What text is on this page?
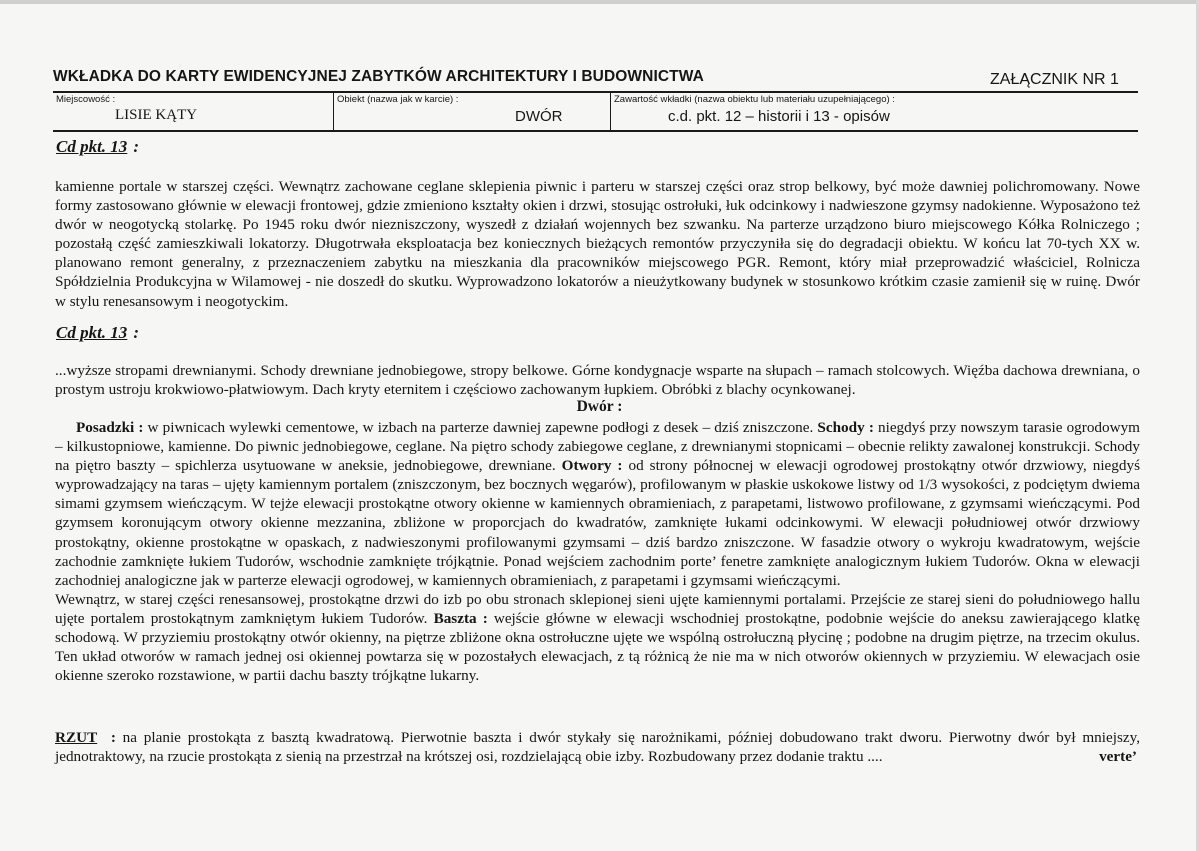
WKŁADKA DO KARTY EWIDENCYJNEJ ZABYTKÓW ARCHITEKTURY I BUDOWNICTWA	ZAŁĄCZNIK NR 1
Miejscowość :
LISIE KĄTY
Obiekt (nazwa jak w karcie) :
DWÓR
Zawartość wkładki (nazwa obiektu lub materiału uzupełniającego) :
c.d. pkt. 12 – historii i 13 - opisów
Cd pkt. 13 :

kamienne portale w starszej części. Wewnątrz zachowane ceglane sklepienia piwnic i parteru w starszej części oraz strop belkowy, być może dawniej polichromowany. Nowe formy zastosowano głównie w elewacji frontowej, gdzie zmieniono kształty okien i drzwi, stosując ostrołuki, łuk odcinkowy i nadwieszone gzymsy nadokienne. Wyposażono też dwór w neogotycką stolarkę. Po 1945 roku dwór niezniszczony, wyszedł z działań wojennych bez szwanku. Na parterze urządzono biuro miejscowego Kółka Rolniczego ; pozostałą część zamieszkiwali lokatorzy. Długotrwała eksploatacja bez koniecznych bieżących remontów przyczyniła się do degradacji obiektu. W końcu lat 70-tych XX w. planowano remont generalny, z przeznaczeniem zabytku na mieszkania dla pracowników miejscowego PGR. Remont, który miał przeprowadzić właściciel, Rolnicza Spółdzielnia Produkcyjna w Wilamowej - nie doszedł do skutku. Wyprowadzono lokatorów a nieużytkowany budynek w stosunkowo krótkim czasie zamienił się w ruinę. Dwór w stylu renesansowym i neogotyckim.

Cd pkt. 13 :

...wyższe stropami drewnianymi. Schody drewniane jednobiegowe, stropy belkowe. Górne kondygnacje wsparte na słupach – ramach stolcowych. Więźba dachowa drewniana, o prostym ustroju krokwiowo-płatwiowym. Dach kryty eternitem i częściowo zachowanym łupkiem. Obróbki z blachy ocynkowanej.

Dwór :

Posadzki : w piwnicach wylewki cementowe, w izbach na parterze dawniej zapewne podłogi z desek – dziś zniszczone. Schody : niegdyś przy nowszym tarasie ogrodowym – kilkustopniowe, kamienne. Do piwnic jednobiegowe, ceglane. Na piętro schody zabiegowe ceglane, z drewnianymi stopnicami – obecnie relikty zawalonej konstrukcji. Schody na piętro baszty – spichlerza usytuowane w aneksie, jednobiegowe, drewniane. Otwory : od strony północnej w elewacji ogrodowej prostokątny otwór drzwiowy, niegdyś wyprowadzający na taras – ujęty kamiennym portalem (zniszczonym, bez bocznych węgarów), profilowanym w płaskie uskokowe listwy od 1/3 wysokości, z podciętym dwiema simami gzymsem wieńczącym. W tejże elewacji prostokątne otwory okienne w kamiennych obramieniach, z parapetami, listwowo profilowane, z gzymsami wieńczącymi. Pod gzymsem koronującym otwory okienne mezzanina, zbliżone w proporcjach do kwadratów, zamknięte łukami odcinkowymi. W elewacji południowej otwór drzwiowy prostokątny, okienne prostokątne w opaskach, z nadwieszonymi profilowanymi gzymsami – dziś bardzo zniszczone. W fasadzie otwory o wykroju kwadratowym, wejście zachodnie zamknięte łukiem Tudorów, wschodnie zamknięte trójkątnie. Ponad wejściem zachodnim porte’ fenetre zamknięte analogicznym łukiem Tudorów. Okna w elewacji zachodniej analogiczne jak w parterze elewacji ogrodowej, w kamiennych obramieniach, z parapetami i gzymsami wieńczącymi.

Wewnątrz, w starej części renesansowej, prostokątne drzwi do izb po obu stronach sklepionej sieni ujęte kamiennymi portalami. Przejście ze starej sieni do południowego hallu ujęte portalem prostokątnym zamkniętym łukiem Tudorów. Baszta : wejście główne w elewacji wschodniej prostokątne, podobnie wejście do aneksu zawierającego klatkę schodową. W przyziemiu prostokątny otwór okienny, na piętrze zbliżone okna ostrołuczne ujęte we wspólną ostrołuczną płycinę ; podobne na drugim piętrze, na trzecim okulus. Ten układ otworów w ramach jednej osi okiennej powtarza się w pozostałych elewacjach, z tą różnicą że nie ma w nich otworów okiennych w przyziemiu. W elewacjach osie okienne szeroko rozstawione, w partii dachu baszty trójkątne lukarny.

RZUT : na planie prostokąta z basztą kwadratową. Pierwotnie baszta i dwór stykały się narożnikami, później dobudowano trakt dworu. Pierwotny dwór był mniejszy, jednotraktowy, na rzucie prostokąta z sienią na przestrzał na krótszej osi, rozdzielającą obie izby. Rozbudowany przez dodanie traktu ....	verte’
